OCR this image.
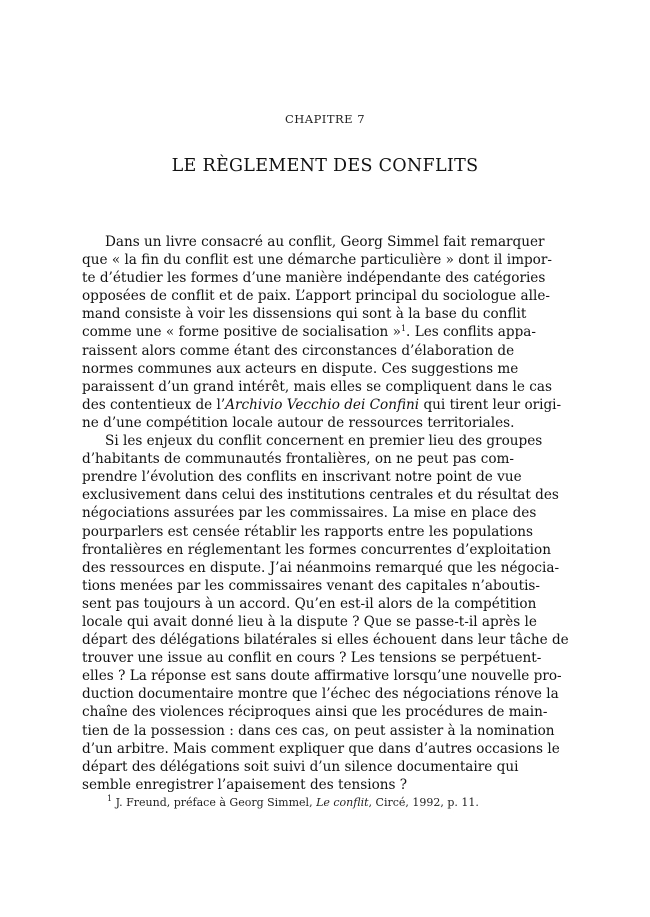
CHAPITRE 7
LE RÈGLEMENT DES CONFLITS
Dans un livre consacré au conflit, Georg Simmel fait remarquer
que « la fin du conflit est une démarche particulière » dont il impor-
te d’étudier les formes d’une manière indépendante des catégories
opposées de conflit et de paix. L’apport principal du sociologue alle-
mand consiste à voir les dissensions qui sont à la base du conflit
comme une « forme positive de socialisation »$^1$. Les conflits appa-
raissent alors comme étant des circonstances d’élaboration de
normes communes aux acteurs en dispute. Ces suggestions me
paraissent d’un grand intérêt, mais elles se compliquent dans le cas
des contentieux de l’Archivio Vecchio dei Confini qui tirent leur origi-
ne d’une compétition locale autour de ressources territoriales.
Si les enjeux du conflit concernent en premier lieu des groupes
d’habitants de communautés frontalières, on ne peut pas com-
prendre l’évolution des conflits en inscrivant notre point de vue
exclusivement dans celui des institutions centrales et du résultat des
négociations assurées par les commissaires. La mise en place des
pourparlers est censée rétablir les rapports entre les populations
frontalières en réglementant les formes concurrentes d’exploitation
des ressources en dispute. J’ai néanmoins remarqué que les négocia-
tions menées par les commissaires venant des capitales n’aboutis-
sent pas toujours à un accord. Qu’en est-il alors de la compétition
locale qui avait donné lieu à la dispute ? Que se passe-t-il après le
départ des délégations bilatérales si elles échouent dans leur tâche de
trouver une issue au conflit en cours ? Les tensions se perpétuent-
elles ? La réponse est sans doute affirmative lorsqu’une nouvelle pro-
duction documentaire montre que l’échec des négociations rénove la
chaîne des violences réciproques ainsi que les procédures de main-
tien de la possession : dans ces cas, on peut assister à la nomination
d’un arbitre. Mais comment expliquer que dans d’autres occasions le
départ des délégations soit suivi d’un silence documentaire qui
semble enregistrer l’apaisement des tensions ?
$^1$ J. Freund, préface à Georg Simmel, Le conflit, Circé, 1992, p. 11.
